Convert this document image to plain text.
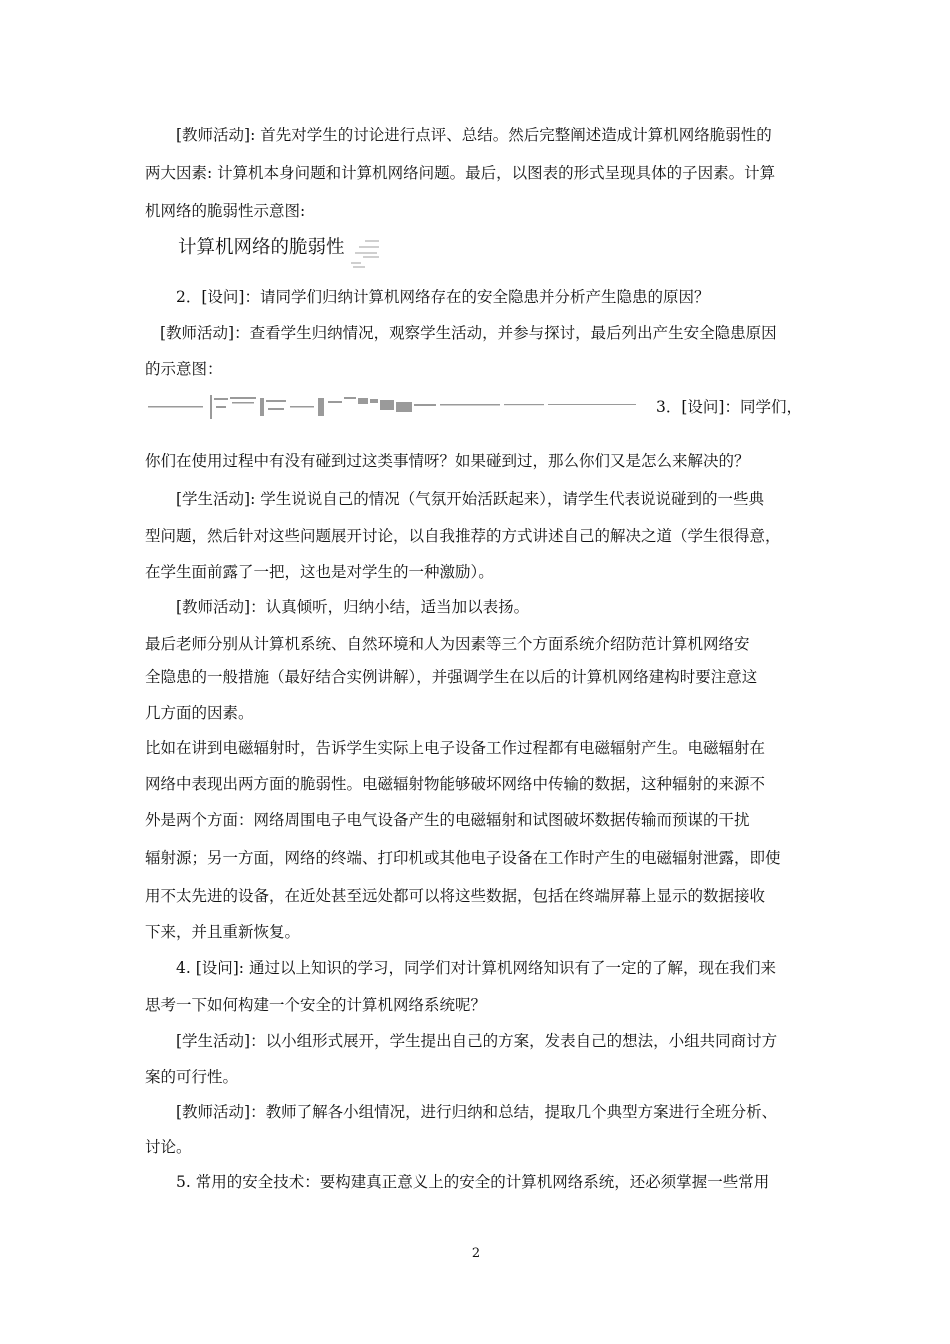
[教师活动]: 首先对学生的讨论进行点评、总结。然后完整阐述造成计算机网络脆弱性的
两大因素: 计算机本身问题和计算机网络问题。最后，以图表的形式呈现具体的子因素。计算
机网络的脆弱性示意图:
计算机网络的脆弱性
2．[设问]：请同学们归纳计算机网络存在的安全隐患并分析产生隐患的原因？
[教师活动]：查看学生归纳情况，观察学生活动，并参与探讨，最后列出产生安全隐患原因
的示意图：
3．[设问]：同学们，
你们在使用过程中有没有碰到过这类事情呀？如果碰到过，那么你们又是怎么来解决的？
[学生活动]: 学生说说自己的情况（气氛开始活跃起来），请学生代表说说碰到的一些典
型问题，然后针对这些问题展开讨论，以自我推荐的方式讲述自己的解决之道（学生很得意，
在学生面前露了一把，这也是对学生的一种激励）。
[教师活动]：认真倾听，归纳小结，适当加以表扬。
最后老师分别从计算机系统、自然环境和人为因素等三个方面系统介绍防范计算机网络安
全隐患的一般措施（最好结合实例讲解），并强调学生在以后的计算机网络建构时要注意这
几方面的因素。
比如在讲到电磁辐射时，告诉学生实际上电子设备工作过程都有电磁辐射产生。电磁辐射在
网络中表现出两方面的脆弱性。电磁辐射物能够破坏网络中传输的数据，这种辐射的来源不
外是两个方面：网络周围电子电气设备产生的电磁辐射和试图破坏数据传输而预谋的干扰
辐射源；另一方面，网络的终端、打印机或其他电子设备在工作时产生的电磁辐射泄露，即使
用不太先进的设备，在近处甚至远处都可以将这些数据，包括在终端屏幕上显示的数据接收
下来，并且重新恢复。
4. [设问]: 通过以上知识的学习，同学们对计算机网络知识有了一定的了解，现在我们来
思考一下如何构建一个安全的计算机网络系统呢？
[学生活动]：以小组形式展开，学生提出自己的方案，发表自己的想法，小组共同商讨方
案的可行性。
[教师活动]：教师了解各小组情况，进行归纳和总结，提取几个典型方案进行全班分析、
讨论。
5. 常用的安全技术：要构建真正意义上的安全的计算机网络系统，还必须掌握一些常用
2
